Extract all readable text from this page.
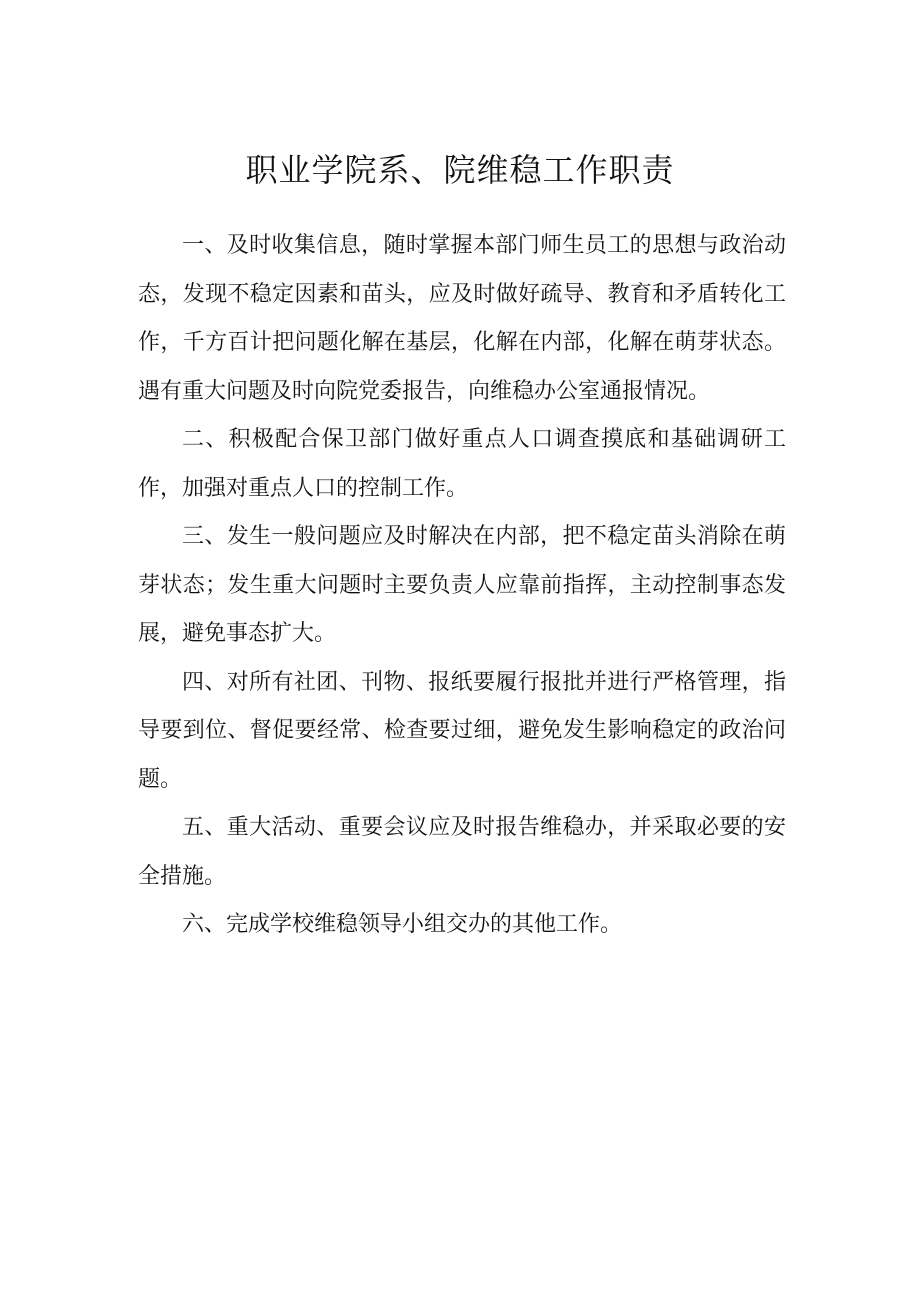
职业学院系、院维稳工作职责

一、及时收集信息，随时掌握本部门师生员工的思想与政治动态，发现不稳定因素和苗头，应及时做好疏导、教育和矛盾转化工作，千方百计把问题化解在基层，化解在内部，化解在萌芽状态。遇有重大问题及时向院党委报告，向维稳办公室通报情况。

二、积极配合保卫部门做好重点人口调查摸底和基础调研工作，加强对重点人口的控制工作。

三、发生一般问题应及时解决在内部，把不稳定苗头消除在萌芽状态；发生重大问题时主要负责人应靠前指挥，主动控制事态发展，避免事态扩大。

四、对所有社团、刊物、报纸要履行报批并进行严格管理，指导要到位、督促要经常、检查要过细，避免发生影响稳定的政治问题。

五、重大活动、重要会议应及时报告维稳办，并采取必要的安全措施。

六、完成学校维稳领导小组交办的其他工作。
